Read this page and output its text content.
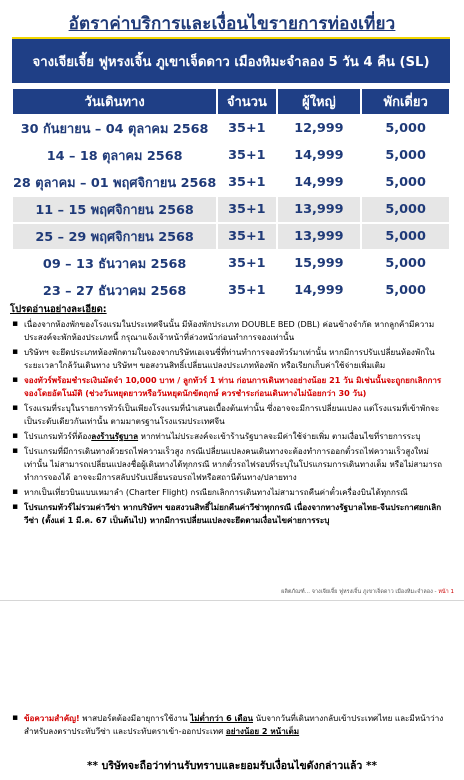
อัตราค่าบริการและเงื่อนไขรายการท่องเที่ยว
จางเจียเจี้ย ฟูหรงเจิ้น ภูเขาเจ็ดดาว เมืองหิมะจำลอง 5 วัน 4 คืน (SL)
วันเดินทาง	จำนวน	ผู้ใหญ่	พักเดี่ยว
30 กันยายน – 04 ตุลาคม 2568	35+1	12,999	5,000
14 – 18 ตุลาคม 2568	35+1	14,999	5,000
28 ตุลาคม – 01 พฤศจิกายน 2568	35+1	14,999	5,000
11 – 15 พฤศจิกายน 2568	35+1	13,999	5,000
25 – 29 พฤศจิกายน 2568	35+1	13,999	5,000
09 – 13 ธันวาคม 2568	35+1	15,999	5,000
23 – 27 ธันวาคม 2568	35+1	14,999	5,000
โปรดอ่านอย่างละเอียด:
▪ เนื่องจากห้องพักของโรงแรมในประเทศจีนนั้น มีห้องพักประเภท DOUBLE BED (DBL) ค่อนข้างจำกัด หากลูกค้ามีความประสงค์จะพักห้องประเภทนี้ กรุณาแจ้งเจ้าหน้าที่ล่วงหน้าก่อนทำการจองเท่านั้น
▪ บริษัทฯ จะยึดประเภทห้องพักตามในจองจากบริษัทเอเจนซี่ที่ท่านทำการจองทัวร์มาเท่านั้น หากมีการปรับเปลี่ยนห้องพักในระยะเวลาใกล้วันเดินทาง บริษัทฯ ขอสงวนสิทธิ์เปลี่ยนแปลงประเภทห้องพัก หรือเรียกเก็บค่าใช้จ่ายเพิ่มเติม
▪ จองทัวร์พร้อมชำระเงินมัดจำ 10,000 บาท / ลูกทัวร์ 1 ท่าน ก่อนการเดินทางอย่างน้อย 21 วัน มิเช่นนั้นจะถูกยกเลิกการจองโดยอัตโนมัติ (ช่วงวันหยุดยาวหรือวันหยุดนักขัตฤกษ์ ควรชำระก่อนเดินทางไม่น้อยกว่า 30 วัน)
▪ โรงแรมที่ระบุในรายการทัวร์เป็นเพียงโรงแรมที่นำเสนอเบื้องต้นเท่านั้น ซึ่งอาจจะมีการเปลี่ยนแปลง แต่โรงแรมที่เข้าพักจะเป็นระดับเดียวกันเท่านั้น ตามมาตรฐานโรงแรมประเทศจีน
▪ โปรแกรมทัวร์ที่ต้องลงร้านรัฐบาล หากท่านไม่ประสงค์จะเข้าร้านรัฐบาลจะมีค่าใช้จ่ายเพิ่ม ตามเงื่อนไขที่รายการระบุ
▪ โปรแกรมที่มีการเดินทางด้วยรถไฟความเร็วสูง กรณีเปลี่ยนแปลงคนเดินทางจะต้องทำการออกตั๋วรถไฟความเร็วสูงใหม่เท่านั้น ไม่สามารถเปลี่ยนแปลงชื่อผู้เดินทางได้ทุกกรณี หากตั๋วรถไฟรอบที่ระบุในโปรแกรมการเดินทางเต็ม หรือไม่สามารถทำการจองได้ อาจจะมีการสลับปรับเปลี่ยนรอบรถไฟหรือสถานีต้นทาง/ปลายทาง
▪ หากเป็นเที่ยวบินแบบเหมาลำ (Charter Flight) กรณียกเลิกการเดินทางไม่สามารถคืนค่าตั๋วเครื่องบินได้ทุกกรณี
▪ โปรแกรมทัวร์ไม่รวมค่าวีซ่า หากบริษัทฯ ขอสงวนสิทธิ์ไม่ยกคืนค่าวีซ่าทุกกรณี เนื่องจากทางรัฐบาลไทย-จีนประกาศยกเลิกวีซ่า (ตั้งแต่ 1 มี.ค. 67 เป็นต้นไป) หากมีการเปลี่ยนแปลงจะยึดตามเงื่อนไขค่ายการระบุ
ผลิตภัณฑ์... จางเจียเจี้ย ฟูหรงเจิ้น ภูเขาเจ็ดดาว เมืองหิมะจำลอง - หน้า 1
▪ ข้อความสำคัญ! พาสปอร์ตต้องมีอายุการใช้งาน ไม่ต่ำกว่า 6 เดือน นับจากวันที่เดินทางกลับเข้าประเทศไทย และมีหน้าว่างสำหรับลงตราประทับวีซ่า และประทับตราเข้า-ออกประเทศ อย่างน้อย 2 หน้าเต็ม
** บริษัทจะถือว่าท่านรับทราบและยอมรับเงื่อนไขดังกล่าวแล้ว **
